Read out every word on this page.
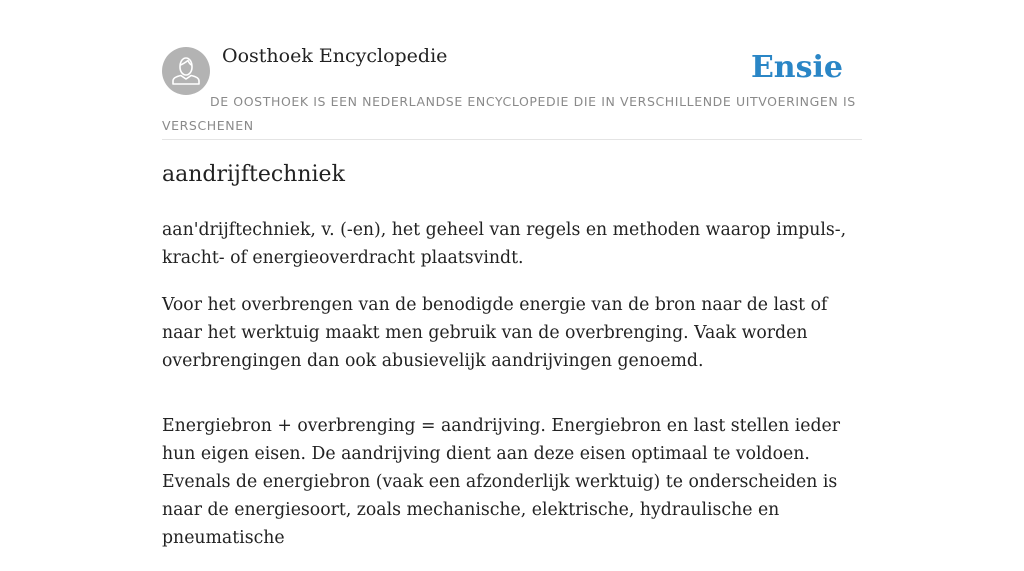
Oosthoek Encyclopedie	Ensie
DE OOSTHOEK IS EEN NEDERLANDSE ENCYCLOPEDIE DIE IN VERSCHILLENDE UITVOERINGEN IS VERSCHENEN
aandrijftechniek

aan'drijftechniek, v. (-en), het geheel van regels en methoden waarop impuls-, kracht- of energieoverdracht plaatsvindt.

Voor het overbrengen van de benodigde energie van de bron naar de last of naar het werktuig maakt men gebruik van de overbrenging. Vaak worden overbrengingen dan ook abusievelijk aandrijvingen genoemd.

Energiebron + overbrenging = aandrijving. Energiebron en last stellen ieder hun eigen eisen. De aandrijving dient aan deze eisen optimaal te voldoen. Evenals de energiebron (vaak een afzonderlijk werktuig) te onderscheiden is naar de energiesoort, zoals mechanische, elektrische, hydraulische en pneumatische
